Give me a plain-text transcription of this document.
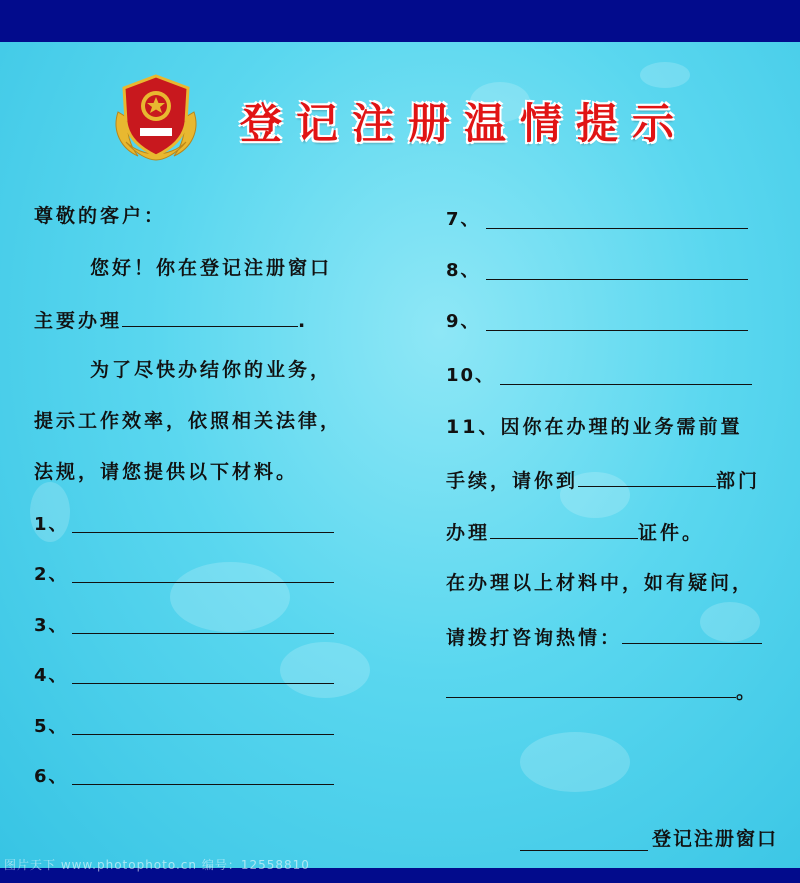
登记注册温情提示

尊敬的客户：

您好！你在登记注册窗口

主要办理	.

为了尽快办结你的业务，

提示工作效率，依照相关法律，

法规，请您提供以下材料。

1、
2、
3、
4、
5、
6、
7、
8、
9、
10、

11、因你在办理的业务需前置

手续，请你到	部门

办理	证件。

在办理以上材料中，如有疑问，

请拨打咨询热情：

。

登记注册窗口

图片天下 www.photophoto.cn 编号：12558810
